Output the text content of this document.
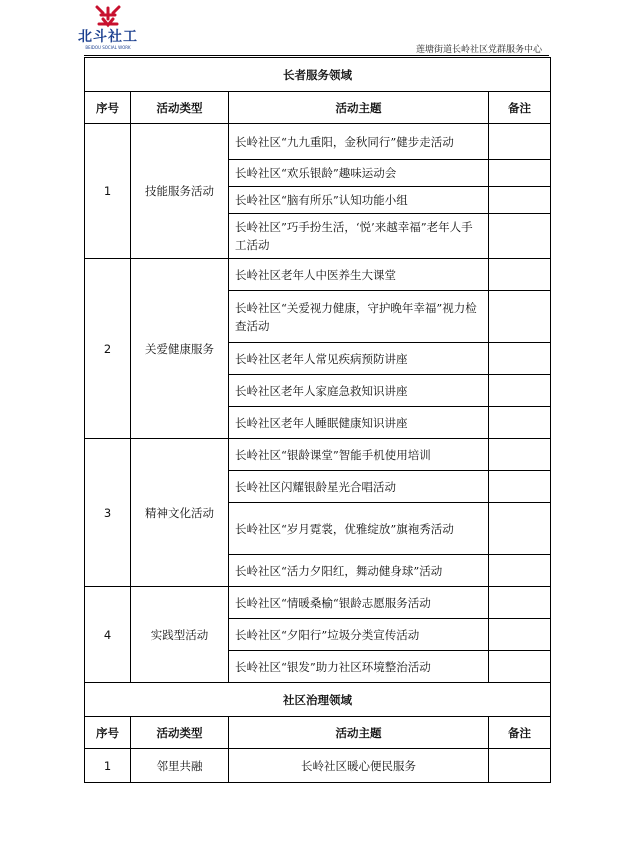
北斗社工
BEIDOU SOCIAL WORK	莲塘街道长岭社区党群服务中心
长者服务领域			
序号	活动类型	活动主题	备注
1	技能服务活动	长岭社区“九九重阳，金秋同行”健步走活动	
		长岭社区“欢乐银龄”趣味运动会	
		长岭社区“脑有所乐”认知功能小组	
		长岭社区”巧手扮生活，‘悦’来越幸福”老年人手工活动	
2	关爱健康服务	长岭社区老年人中医养生大课堂	
		长岭社区“关爱视力健康，守护晚年幸福”视力检查活动	
		长岭社区老年人常见疾病预防讲座	
		长岭社区老年人家庭急救知识讲座	
		长岭社区老年人睡眠健康知识讲座	
3	精神文化活动	长岭社区“银龄课堂”智能手机使用培训	
		长岭社区闪耀银龄星光合唱活动	
		长岭社区“岁月霓裳，优雅绽放”旗袍秀活动	
		长岭社区“活力夕阳红，舞动健身球”活动	
4	实践型活动	长岭社区“情暖桑榆“银龄志愿服务活动	
		长岭社区“夕阳行”垃圾分类宣传活动	
		长岭社区“银发”助力社区环境整治活动	
社区治理领域			
序号	活动类型	活动主题	备注
1	邻里共融	长岭社区暖心便民服务	
